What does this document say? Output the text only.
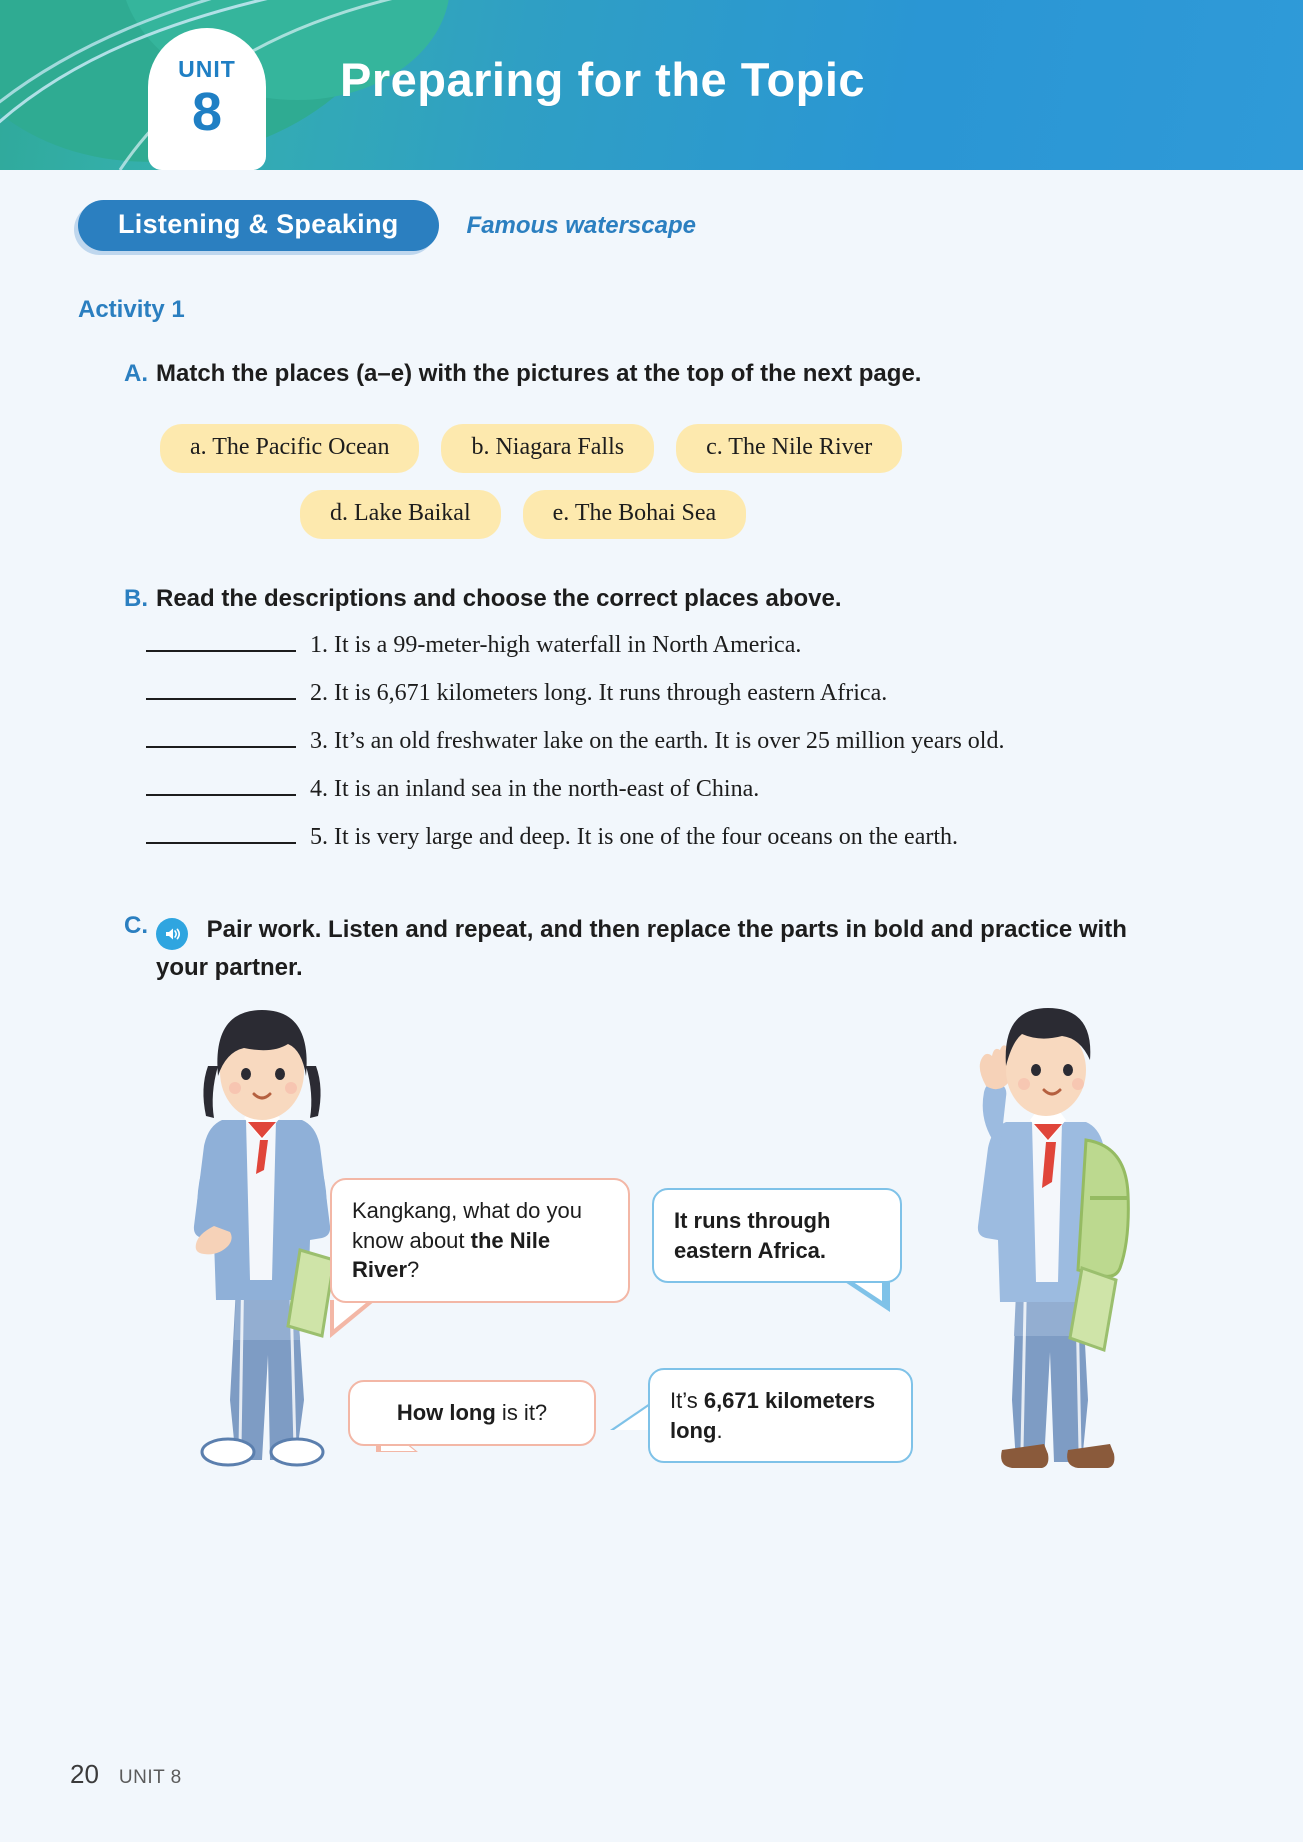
UNIT
8
Preparing for the Topic
Listening & Speaking	Famous waterscape
Activity 1
A. Match the places (a–e) with the pictures at the top of the next page.
a. The Pacific Ocean	b. Niagara Falls	c. The Nile River
d. Lake Baikal	e. The Bohai Sea
B. Read the descriptions and choose the correct places above.
1. It is a 99-meter-high waterfall in North America.
2. It is 6,671 kilometers long. It runs through eastern Africa.
3. It’s an old freshwater lake on the earth. It is over 25 million years old.
4. It is an inland sea in the north-east of China.
5. It is very large and deep. It is one of the four oceans on the earth.
C.	Pair work. Listen and repeat, and then replace the parts in bold and practice with your partner.
Kangkang, what do you know about the Nile River?
It runs through eastern Africa.
How long is it?	It’s 6,671 kilometers long.
20 UNIT 8
